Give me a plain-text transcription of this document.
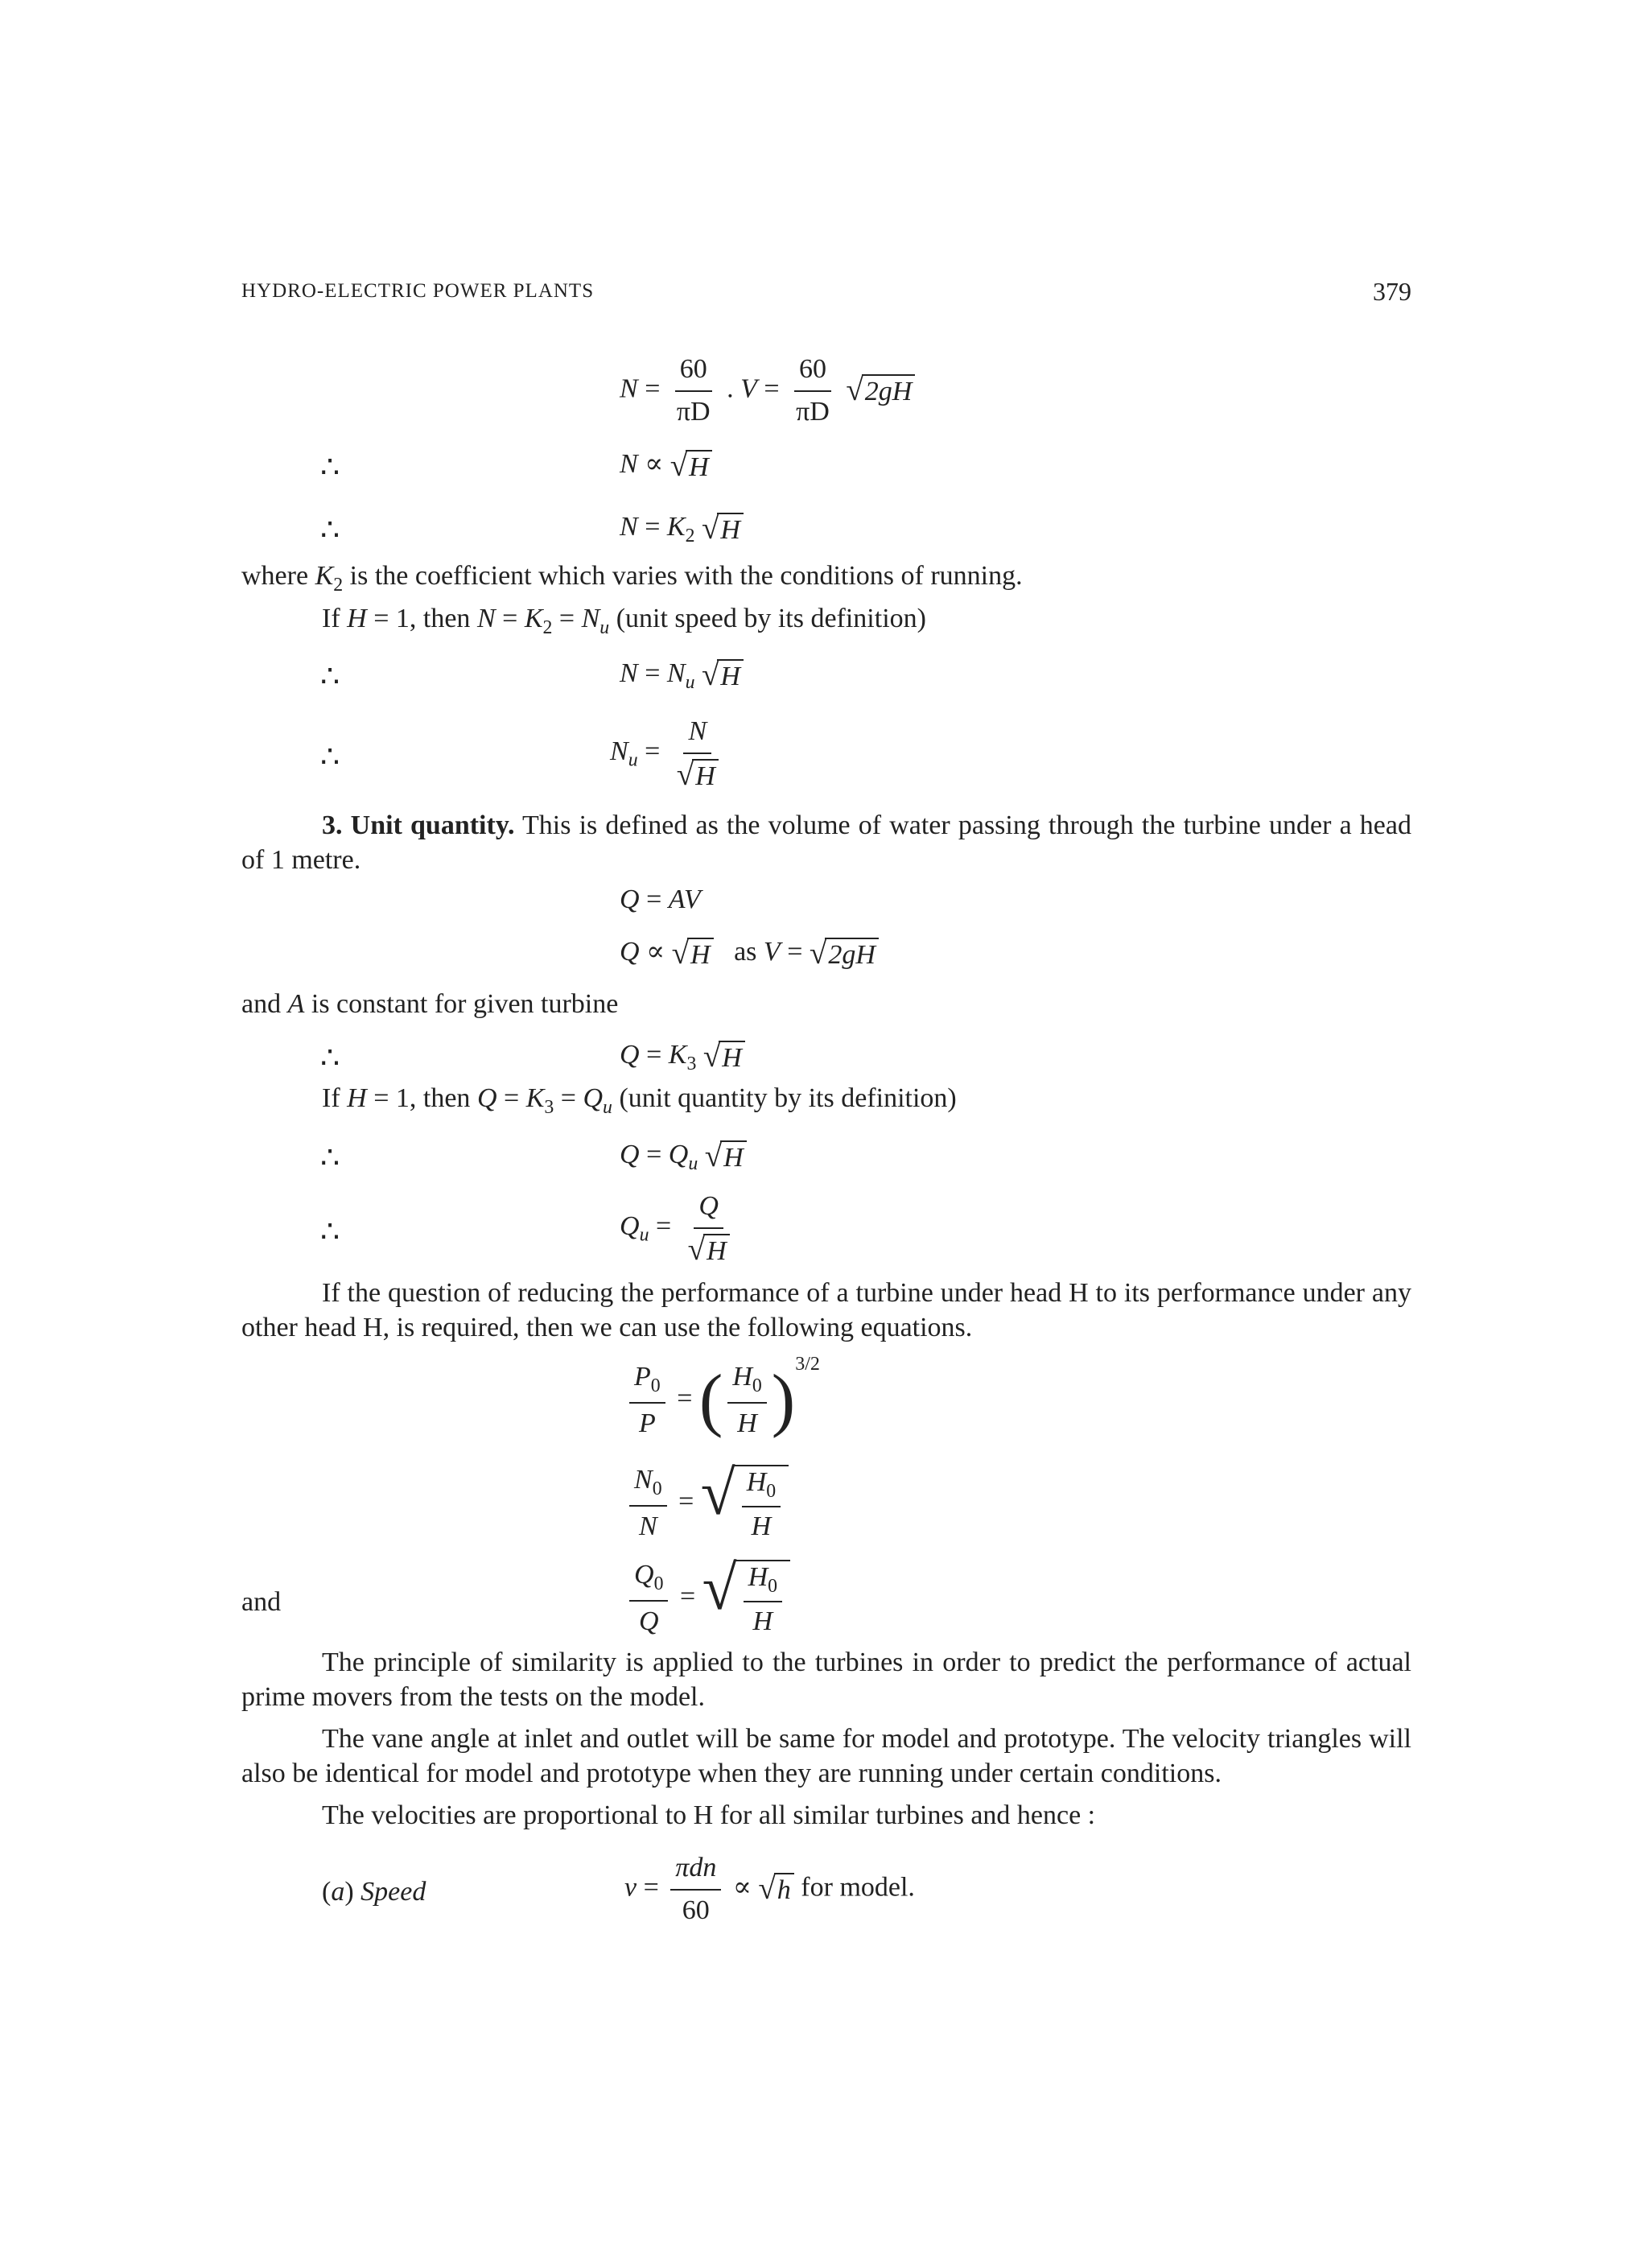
HYDRO-ELECTRIC POWER PLANTS	379
$N = \frac{60}{\pi D}$ . $V = \frac{60}{\pi D}$
√ 2gH
∴	N ∝ √ H
∴	$N = K_2$ √ H
where $K_2$ is the coefficient which varies with the conditions of running.
If H = 1, then $N = K_2 = N_u$ (unit speed by its definition)
∴	$N = N_u$ √ H
∴	$N_u = \frac{N}{√ H}$
3. Unit quantity. This is defined as the volume of water passing through the turbine under a head of 1 metre.
Q = AV
Q ∝ √ H as V = √ 2gH
and A is constant for given turbine
∴	$Q = K_3$ √ H
If H = 1, then $Q = K_3 = Q_u$ (unit quantity by its definition)
∴	$Q = Q_u$ √ H
∴	$Q_u = \frac{Q}{√ H}$
If the question of reducing the performance of a turbine under head H to its performance under any other head H, is required, then we can use the following equations.
$\frac{P_0}{P}$ = ( $\frac{H_0}{H} )^{3/2}$
$\frac{N_0}{N}$ = √ $\frac{H_0}{H}$
and	$\frac{Q_0}{Q}$ = √ $\frac{H_0}{H}$
The principle of similarity is applied to the turbines in order to predict the performance of actual prime movers from the tests on the model.
The vane angle at inlet and outlet will be same for model and prototype. The velocity triangles will also be identical for model and prototype when they are running under certain conditions.
The velocities are proportional to H for all similar turbines and hence :
(a) Speed	$v = \frac{\text{πdn}}{60}$ ∝ √ h for model.
